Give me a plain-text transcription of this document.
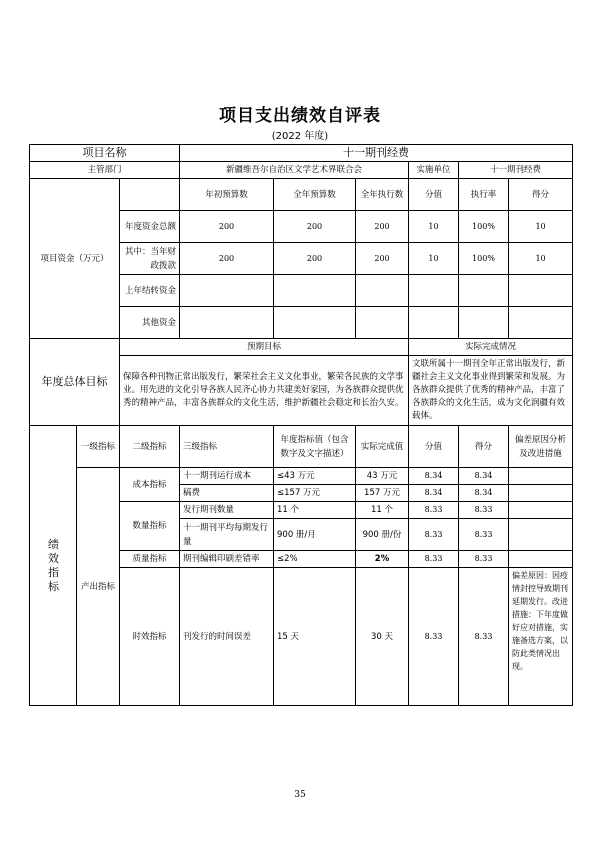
项目支出绩效自评表
(2022 年度)
项目名称			十一期刊经费					
主管部门			新疆维吾尔自治区文学艺术界联合会			实施单位	十一期刊经费	
项目资金（万元）			年初预算数	全年预算数	全年执行数	分值	执行率	得分
		年度资金总额	200	200	200	10	100%	10
		其中：当年财政拨款	200	200	200	10	100%	10
		上年结转资金						
		其他资金						
年度总体目标		预期目标				实际完成情况		
		保障各种刊物正常出版发行，繁荣社会主义文化事业，繁荣各民族的文学事业。用先进的文化引导各族人民齐心协力共建美好家园，为各族群众提供优秀的精神产品，丰富各族群众的文化生活，维护新疆社会稳定和长治久安。				文联所属十一期刊全年正常出版发行，新疆社会主义文化事业得到繁荣和发展。为各族群众提供了优秀的精神产品，丰富了各族群众的文化生活，成为文化润疆有效载体。		

绩效指标	一级指标	二级指标	三级指标	年度指标值（包含数字及文字描述）	实际完成值	分值	得分	偏差原因分析及改进措施
	产出指标	成本指标	十一期刊运行成本	≤43 万元	43 万元	8.34	8.34	
			稿费	≤157 万元	157 万元	8.34	8.34	
		数量指标	发行期刊数量	11 个	11 个	8.33	8.33	
			十一期刊平均每期发行量	900 册/月	900 册/份	8.33	8.33	
		质量指标	期刊编辑印刷差错率	≤2%	2%	8.33	8.33	
		时效指标	刊发行的时间误差	15 天	30 天	8.33	8.33	偏差原因：因疫情封控导致期刊延期发行。改进措施：下年度做好应对措施，实施备选方案，以防此类情况出现。
35
